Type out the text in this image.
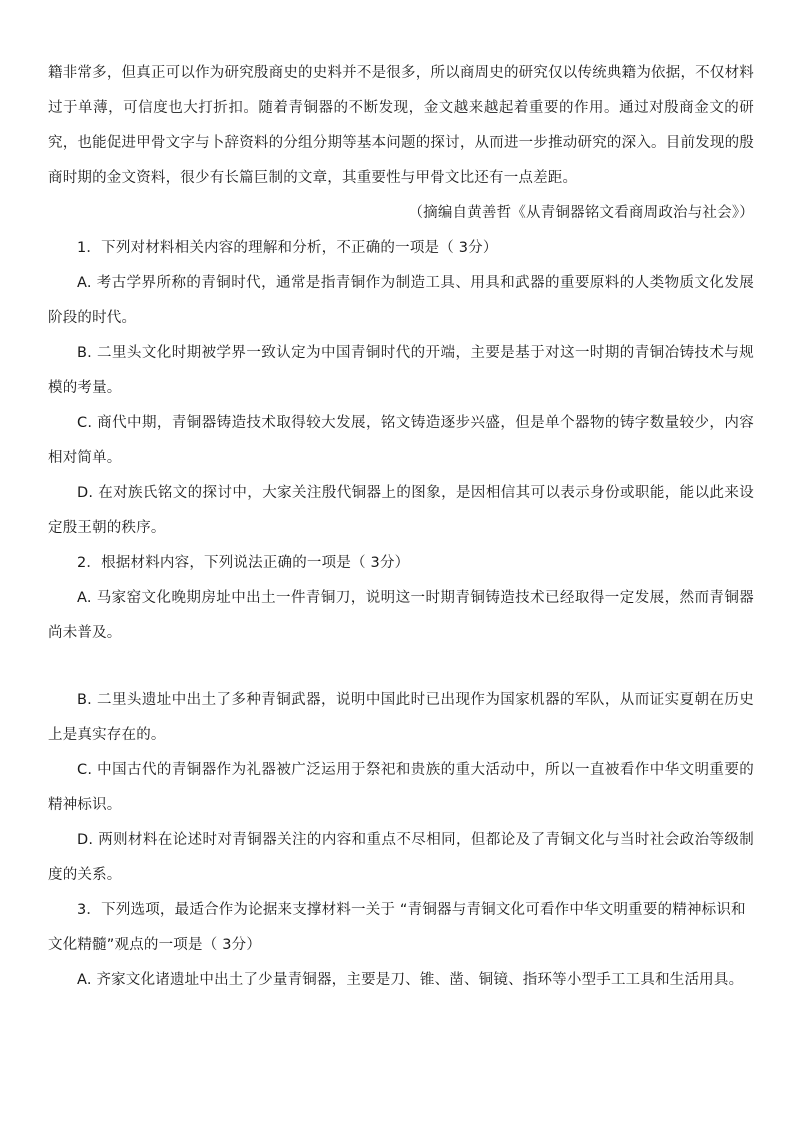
籍非常多，但真正可以作为研究殷商史的史料并不是很多，所以商周史的研究仅以传统典籍为依据，不仅材料过于单薄，可信度也大打折扣。随着青铜器的不断发现，金文越来越起着重要的作用。通过对殷商金文的研究，也能促进甲骨文字与卜辞资料的分组分期等基本问题的探讨，从而进一步推动研究的深入。目前发现的殷商时期的金文资料，很少有长篇巨制的文章，其重要性与甲骨文比还有一点差距。

（摘编自黄善哲《从青铜器铭文看商周政治与社会》）

1．下列对材料相关内容的理解和分析，不正确的一项是（ 3分）

A. 考古学界所称的青铜时代，通常是指青铜作为制造工具、用具和武器的重要原料的人类物质文化发展阶段的时代。

B. 二里头文化时期被学界一致认定为中国青铜时代的开端，主要是基于对这一时期的青铜冶铸技术与规模的考量。

C. 商代中期，青铜器铸造技术取得较大发展，铭文铸造逐步兴盛，但是单个器物的铸字数量较少，内容相对简单。

D. 在对族氏铭文的探讨中，大家关注殷代铜器上的图象，是因相信其可以表示身份或职能，能以此来设定殷王朝的秩序。

2．根据材料内容，下列说法正确的一项是（ 3分）

A. 马家窑文化晚期房址中出土一件青铜刀，说明这一时期青铜铸造技术已经取得一定发展，然而青铜器尚未普及。

B. 二里头遗址中出土了多种青铜武器，说明中国此时已出现作为国家机器的军队，从而证实夏朝在历史上是真实存在的。

C. 中国古代的青铜器作为礼器被广泛运用于祭祀和贵族的重大活动中，所以一直被看作中华文明重要的精神标识。

D. 两则材料在论述时对青铜器关注的内容和重点不尽相同，但都论及了青铜文化与当时社会政治等级制度的关系。

3．下列选项，最适合作为论据来支撑材料一关于 “青铜器与青铜文化可看作中华文明重要的精神标识和文化精髓”观点的一项是（ 3分）

A. 齐家文化诸遗址中出土了少量青铜器，主要是刀、锥、凿、铜镜、指环等小型手工工具和生活用具。
